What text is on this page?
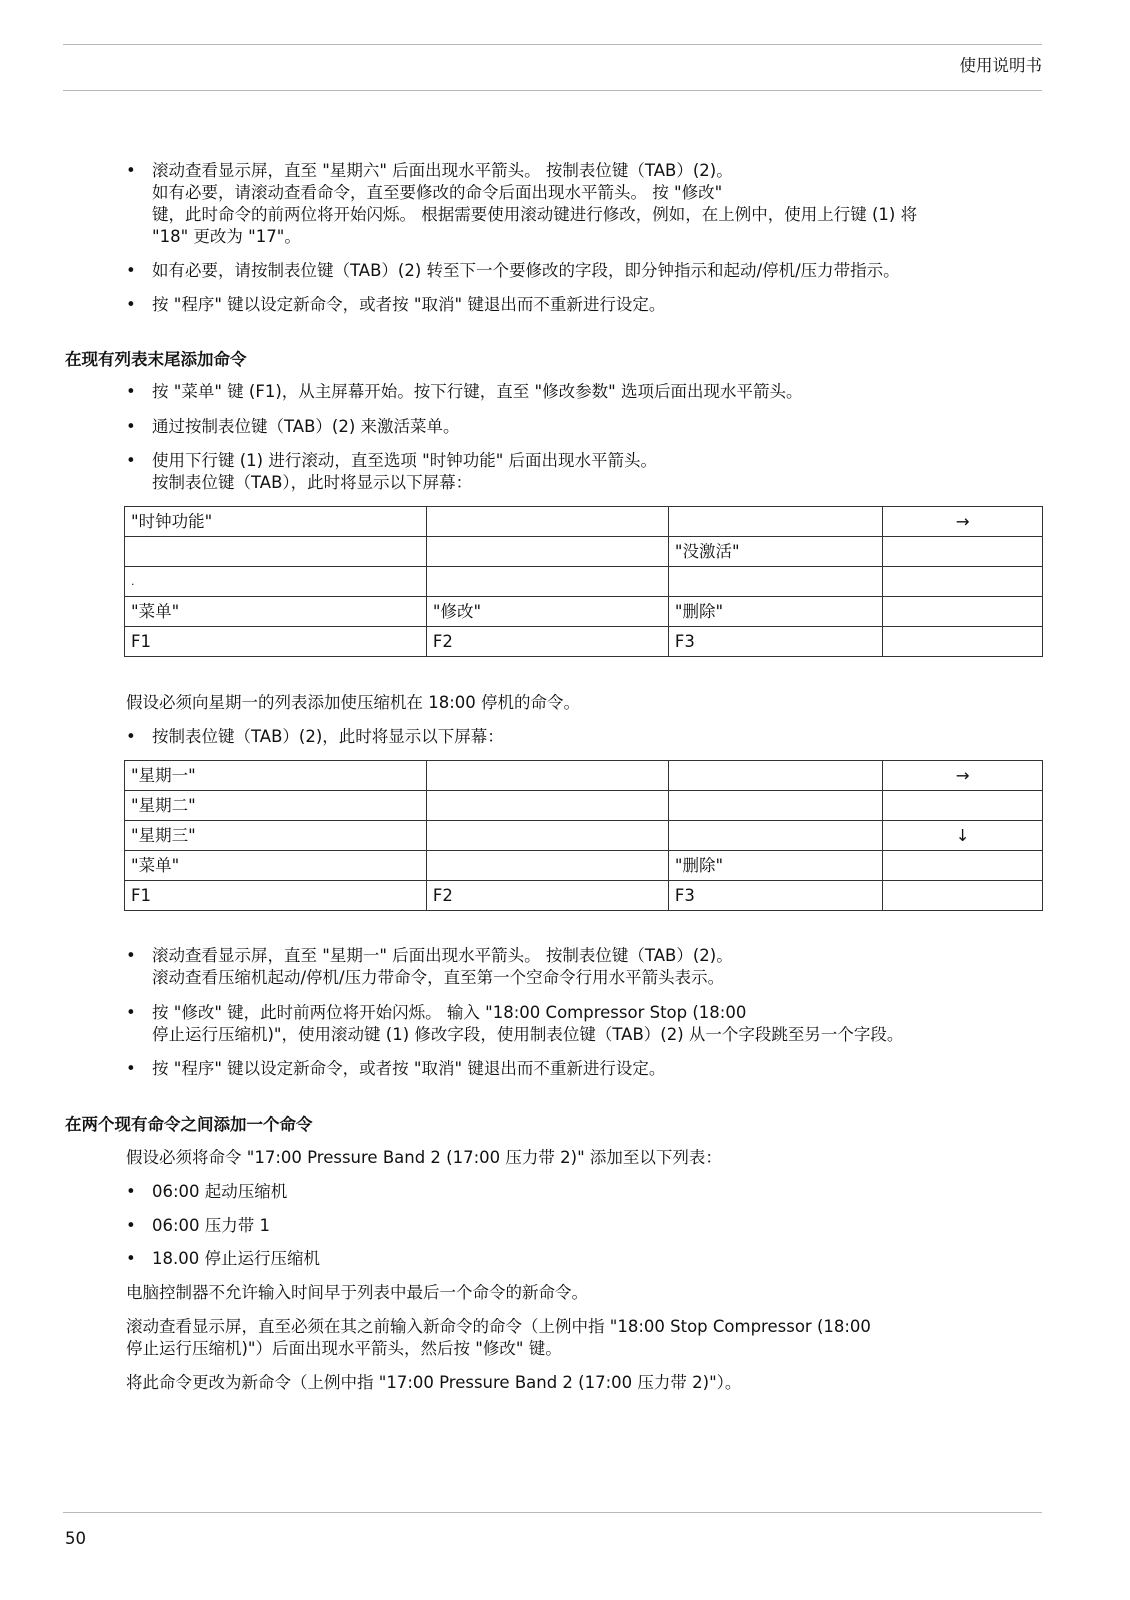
使用说明书
• 滚动查看显示屏，直至 "星期六" 后面出现水平箭头。 按制表位键（TAB）(2)。
如有必要，请滚动查看命令，直至要修改的命令后面出现水平箭头。 按 "修改"
键，此时命令的前两位将开始闪烁。 根据需要使用滚动键进行修改，例如，在上例中，使用上行键 (1) 将
"18" 更改为 "17"。
• 如有必要，请按制表位键（TAB）(2) 转至下一个要修改的字段，即分钟指示和起动/停机/压力带指示。
• 按 "程序" 键以设定新命令，或者按 "取消" 键退出而不重新进行设定。
在现有列表末尾添加命令
• 按 "菜单" 键 (F1)，从主屏幕开始。按下行键，直至 "修改参数" 选项后面出现水平箭头。
• 通过按制表位键（TAB）(2) 来激活菜单。
• 使用下行键 (1) 进行滚动，直至选项 "时钟功能" 后面出现水平箭头。
按制表位键（TAB），此时将显示以下屏幕：
"时钟功能"			→
		"没激活"	
.			
"菜单"	"修改"	"删除"	
F1	F2	F3	
假设必须向星期一的列表添加使压缩机在 18:00 停机的命令。
• 按制表位键（TAB）(2)，此时将显示以下屏幕：
"星期一"			→
"星期二"			
"星期三"			↓
"菜单"		"删除"	
F1	F2	F3	
• 滚动查看显示屏，直至 "星期一" 后面出现水平箭头。 按制表位键（TAB）(2)。
滚动查看压缩机起动/停机/压力带命令，直至第一个空命令行用水平箭头表示。
• 按 "修改" 键，此时前两位将开始闪烁。 输入 "18:00 Compressor Stop (18:00
停止运行压缩机)"，使用滚动键 (1) 修改字段，使用制表位键（TAB）(2) 从一个字段跳至另一个字段。
• 按 "程序" 键以设定新命令，或者按 "取消" 键退出而不重新进行设定。
在两个现有命令之间添加一个命令
假设必须将命令 "17:00 Pressure Band 2 (17:00 压力带 2)" 添加至以下列表：
• 06:00 起动压缩机
• 06:00 压力带 1
• 18.00 停止运行压缩机
电脑控制器不允许输入时间早于列表中最后一个命令的新命令。
滚动查看显示屏，直至必须在其之前输入新命令的命令（上例中指 "18:00 Stop Compressor (18:00
停止运行压缩机)"）后面出现水平箭头，然后按 "修改" 键。
将此命令更改为新命令（上例中指 "17:00 Pressure Band 2 (17:00 压力带 2)"）。
50
